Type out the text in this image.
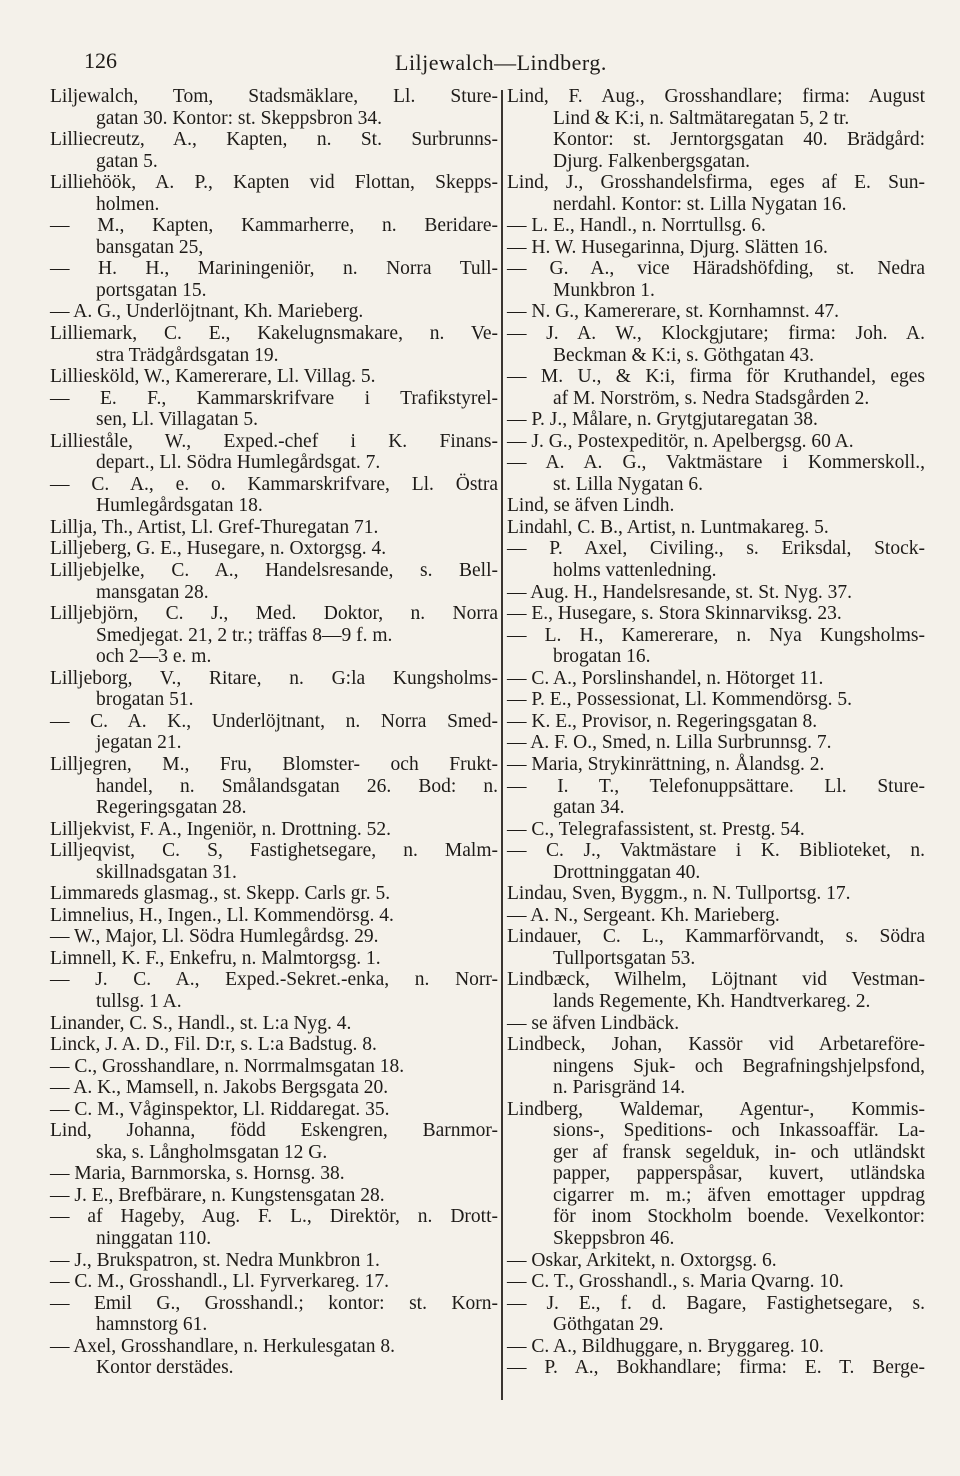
126	Liljewalch—Lindberg.
Liljewalch, Tom, Stadsmäklare, Ll. Sture-
gatan 30. Kontor: st. Skeppsbron 34.
Lilliecreutz, A., Kapten, n. St. Surbrunns-
gatan 5.
Lilliehöök, A. P., Kapten vid Flottan, Skepps-
holmen.
— M., Kapten, Kammarherre, n. Beridare-
bansgatan 25,
— H. H., Mariningeniör, n. Norra Tull-
portsgatan 15.
— A. G., Underlöjtnant, Kh. Marieberg.
Lilliemark, C. E., Kakelugnsmakare, n. Ve-
stra Trädgårdsgatan 19.
Lilliesköld, W., Kamererare, Ll. Villag. 5.
— E. F., Kammarskrifvare i Trafikstyrel-
sen, Ll. Villagatan 5.
Lillieståle, W., Exped.-chef i K. Finans-
depart., Ll. Södra Humlegårdsgat. 7.
— C. A., e. o. Kammarskrifvare, Ll. Östra
Humlegårdsgatan 18.
Lillja, Th., Artist, Ll. Gref-Thuregatan 71.
Lilljeberg, G. E., Husegare, n. Oxtorgsg. 4.
Lilljebjelke, C. A., Handelsresande, s. Bell-
mansgatan 28.
Lilljebjörn, C. J., Med. Doktor, n. Norra
Smedjegat. 21, 2 tr.; träffas 8—9 f. m.
och 2—3 e. m.
Lilljeborg, V., Ritare, n. G:la Kungsholms-
brogatan 51.
— C. A. K., Underlöjtnant, n. Norra Smed-
jegatan 21.
Lilljegren, M., Fru, Blomster- och Frukt-
handel, n. Smålandsgatan 26. Bod: n.
Regeringsgatan 28.
Lilljekvist, F. A., Ingeniör, n. Drottning. 52.
Lilljeqvist, C. S, Fastighetsegare, n. Malm-
skillnadsgatan 31.
Limmareds glasmag., st. Skepp. Carls gr. 5.
Limnelius, H., Ingen., Ll. Kommendörsg. 4.
— W., Major, Ll. Södra Humlegårdsg. 29.
Limnell, K. F., Enkefru, n. Malmtorgsg. 1.
— J. C. A., Exped.-Sekret.-enka, n. Norr-
tullsg. 1 A.
Linander, C. S., Handl., st. L:a Nyg. 4.
Linck, J. A. D., Fil. D:r, s. L:a Badstug. 8.
— C., Grosshandlare, n. Norrmalmsgatan 18.
— A. K., Mamsell, n. Jakobs Bergsgata 20.
— C. M., Våginspektor, Ll. Riddaregat. 35.
Lind, Johanna, född Eskengren, Barnmor-
ska, s. Långholmsgatan 12 G.
— Maria, Barnmorska, s. Hornsg. 38.
— J. E., Brefbärare, n. Kungstensgatan 28.
— af Hageby, Aug. F. L., Direktör, n. Drott-
ninggatan 110.
— J., Brukspatron, st. Nedra Munkbron 1.
— C. M., Grosshandl., Ll. Fyrverkareg. 17.
— Emil G., Grosshandl.; kontor: st. Korn-
hamnstorg 61.
— Axel, Grosshandlare, n. Herkulesgatan 8.
Kontor derstädes.
Lind, F. Aug., Grosshandlare; firma: August
Lind & K:i, n. Saltmätaregatan 5, 2 tr.
Kontor: st. Jerntorgsgatan 40. Brädgård:
Djurg. Falkenbergsgatan.
Lind, J., Grosshandelsfirma, eges af E. Sun-
nerdahl. Kontor: st. Lilla Nygatan 16.
— L. E., Handl., n. Norrtullsg. 6.
— H. W. Husegarinna, Djurg. Slätten 16.
— G. A., vice Häradshöfding, st. Nedra
Munkbron 1.
— N. G., Kamererare, st. Kornhamnst. 47.
— J. A. W., Klockgjutare; firma: Joh. A.
Beckman & K:i, s. Göthgatan 43.
— M. U., & K:i, firma för Kruthandel, eges
af M. Norström, s. Nedra Stadsgården 2.
— P. J., Målare, n. Grytgjutaregatan 38.
— J. G., Postexpeditör, n. Apelbergsg. 60 A.
— A. A. G., Vaktmästare i Kommerskoll.,
st. Lilla Nygatan 6.
Lind, se äfven Lindh.
Lindahl, C. B., Artist, n. Luntmakareg. 5.
— P. Axel, Civiling., s. Eriksdal, Stock-
holms vattenledning.
— Aug. H., Handelsresande, st. St. Nyg. 37.
— E., Husegare, s. Stora Skinnarviksg. 23.
— L. H., Kamererare, n. Nya Kungsholms-
brogatan 16.
— C. A., Porslinshandel, n. Hötorget 11.
— P. E., Possessionat, Ll. Kommendörsg. 5.
— K. E., Provisor, n. Regeringsgatan 8.
— A. F. O., Smed, n. Lilla Surbrunnsg. 7.
— Maria, Strykinrättning, n. Ålandsg. 2.
— I. T., Telefonuppsättare. Ll. Sture-
gatan 34.
— C., Telegrafassistent, st. Prestg. 54.
— C. J., Vaktmästare i K. Biblioteket, n.
Drottninggatan 40.
Lindau, Sven, Byggm., n. N. Tullportsg. 17.
— A. N., Sergeant. Kh. Marieberg.
Lindauer, C. L., Kammarförvandt, s. Södra
Tullportsgatan 53.
Lindbæck, Wilhelm, Löjtnant vid Vestman-
lands Regemente, Kh. Handtverkareg. 2.
— se äfven Lindbäck.
Lindbeck, Johan, Kassör vid Arbetareföre-
ningens Sjuk- och Begrafningshjelpsfond,
n. Parisgränd 14.
Lindberg, Waldemar, Agentur-, Kommis-
sions-, Speditions- och Inkassoaffär. La-
ger af fransk segelduk, in- och utländskt
papper, papperspåsar, kuvert, utländska
cigarrer m. m.; äfven emottager uppdrag
för inom Stockholm boende. Vexelkontor:
Skeppsbron 46.
— Oskar, Arkitekt, n. Oxtorgsg. 6.
— C. T., Grosshandl., s. Maria Qvarng. 10.
— J. E., f. d. Bagare, Fastighetsegare, s.
Göthgatan 29.
— C. A., Bildhuggare, n. Bryggareg. 10.
— P. A., Bokhandlare; firma: E. T. Berge-
